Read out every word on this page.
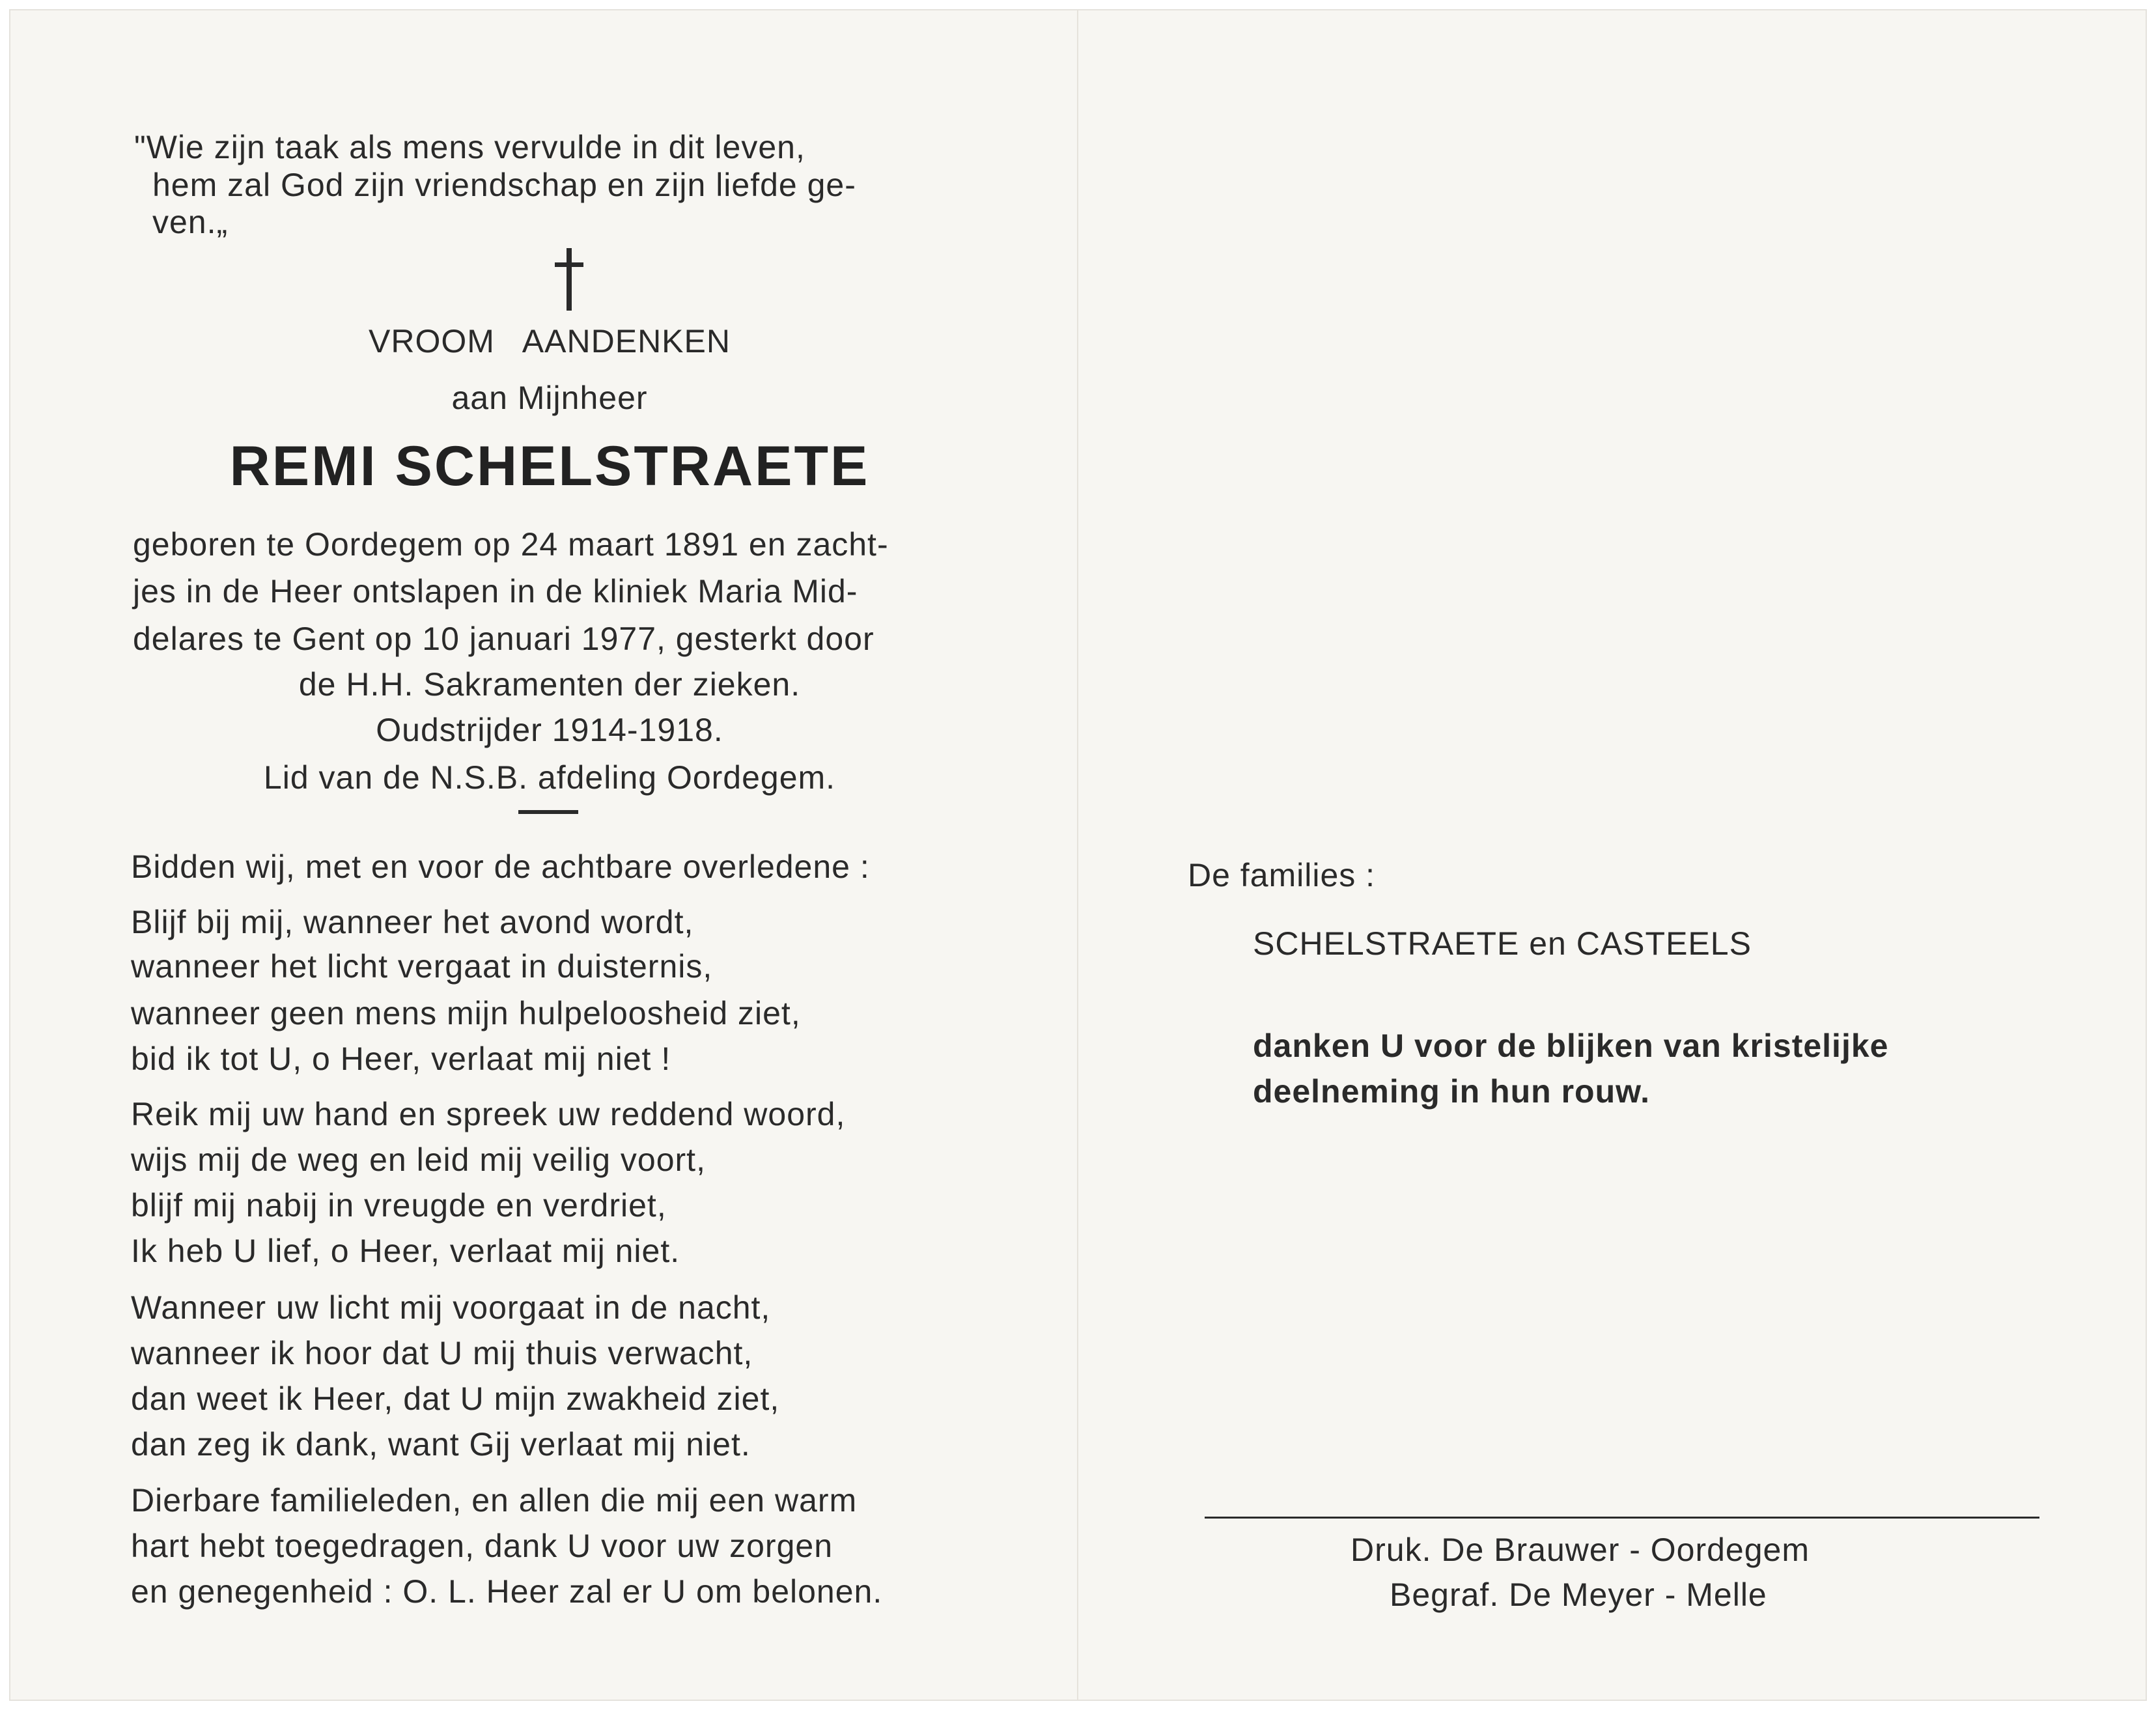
"Wie zijn taak als mens vervulde in dit leven,
hem zal God zijn vriendschap en zijn liefde ge-
ven.„
VROOM   AANDENKEN
aan Mijnheer
REMI SCHELSTRAETE
geboren te Oordegem op 24 maart 1891 en zacht-
jes in de Heer ontslapen in de kliniek Maria Mid-
delares te Gent op 10 januari 1977, gesterkt door
de H.H. Sakramenten der zieken.
Oudstrijder 1914-1918.
Lid van de N.S.B. afdeling Oordegem.
Bidden wij, met en voor de achtbare overledene :
Blijf bij mij, wanneer het avond wordt,
wanneer het licht vergaat in duisternis,
wanneer geen mens mijn hulpeloosheid ziet,
bid ik tot U, o Heer, verlaat mij niet !
Reik mij uw hand en spreek uw reddend woord,
wijs mij de weg en leid mij veilig voort,
blijf mij nabij in vreugde en verdriet,
Ik heb U lief, o Heer, verlaat mij niet.
Wanneer uw licht mij voorgaat in de nacht,
wanneer ik hoor dat U mij thuis verwacht,
dan weet ik Heer, dat U mijn zwakheid ziet,
dan zeg ik dank, want Gij verlaat mij niet.
Dierbare familieleden, en allen die mij een warm
hart hebt toegedragen, dank U voor uw zorgen
en genegenheid : O. L. Heer zal er U om belonen.
De families :
SCHELSTRAETE en CASTEELS
danken U voor de blijken van kristelijke
deelneming in hun rouw.
Druk. De Brauwer - Oordegem
Begraf. De Meyer - Melle
